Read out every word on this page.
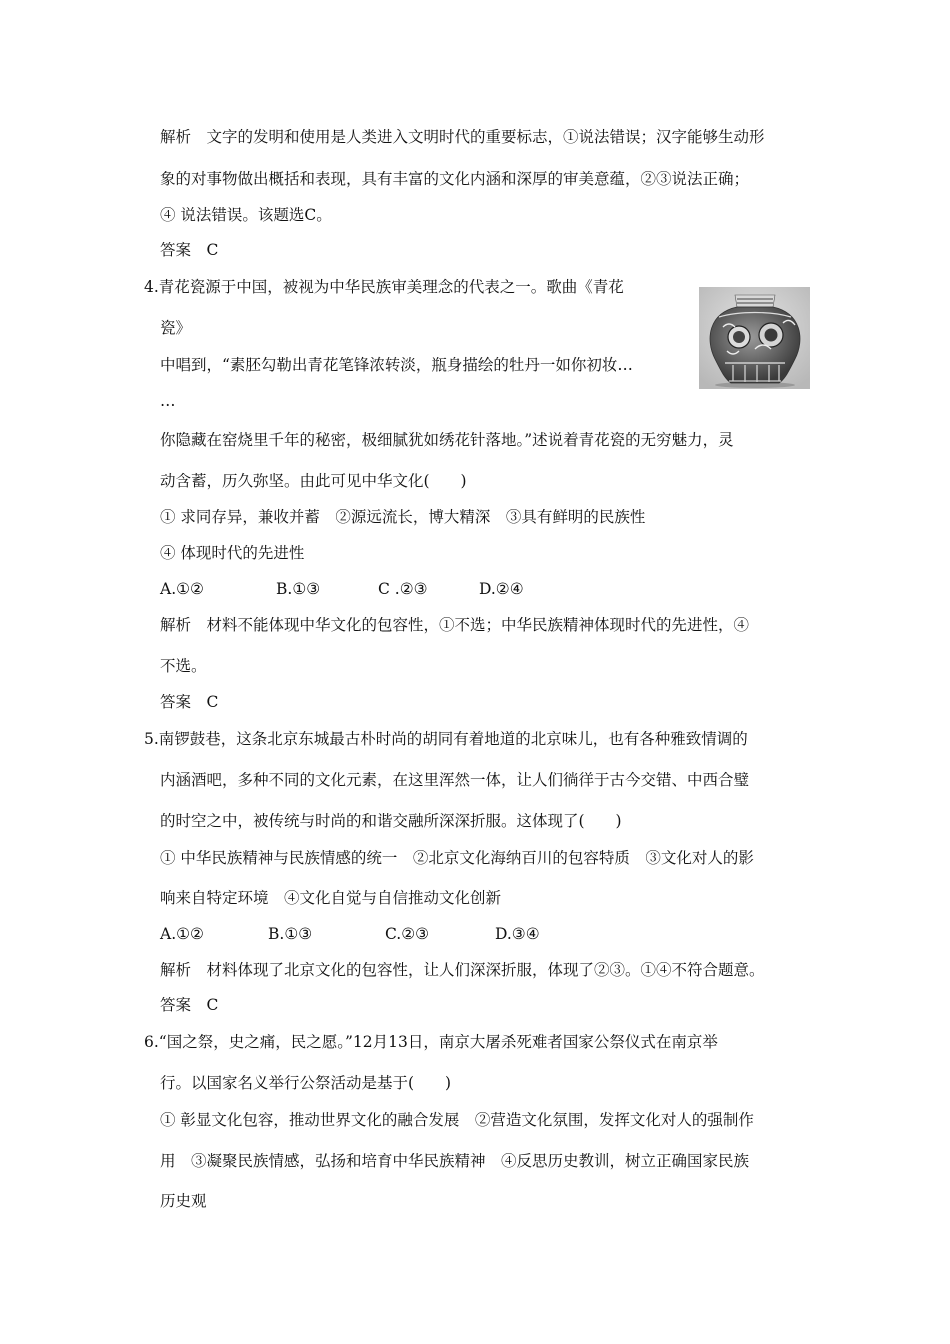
解析　文字的发明和使用是人类进入文明时代的重要标志，①说法错误；汉字能够生动形
象的对事物做出概括和表现，具有丰富的文化内涵和深厚的审美意蕴，②③说法正确；
④ 说法错误。该题选C。
答案　C
4.青花瓷源于中国，被视为中华民族审美理念的代表之一。歌曲《青花
瓷》
中唱到，“素胚勾勒出青花笔锋浓转淡，瓶身描绘的牡丹一如你初妆…
…
你隐藏在窑烧里千年的秘密，极细腻犹如绣花针落地。”述说着青花瓷的无穷魅力，灵
动含蓄，历久弥坚。由此可见中华文化(　　)
① 求同存异，兼收并蓄　②源远流长，博大精深　③具有鲜明的民族性
④ 体现时代的先进性
A.①②	B.①③	C .②③	D.②④
解析　材料不能体现中华文化的包容性，①不选；中华民族精神体现时代的先进性，④
不选。
答案　C
5.南锣鼓巷，这条北京东城最古朴时尚的胡同有着地道的北京味儿，也有各种雅致情调的
内涵酒吧，多种不同的文化元素，在这里浑然一体，让人们徜徉于古今交错、中西合璧
的时空之中，被传统与时尚的和谐交融所深深折服。这体现了(　　)
① 中华民族精神与民族情感的统一　②北京文化海纳百川的包容特质　③文化对人的影
响来自特定环境　④文化自觉与自信推动文化创新
A.①②	B.①③	C.②③	D.③④
解析　材料体现了北京文化的包容性，让人们深深折服，体现了②③。①④不符合题意。
答案　C
6.“国之祭，史之痛，民之愿。”12月13日，南京大屠杀死难者国家公祭仪式在南京举
行。以国家名义举行公祭活动是基于(　　)
① 彰显文化包容，推动世界文化的融合发展　②营造文化氛围，发挥文化对人的强制作
用　③凝聚民族情感，弘扬和培育中华民族精神　④反思历史教训，树立正确国家民族
历史观
